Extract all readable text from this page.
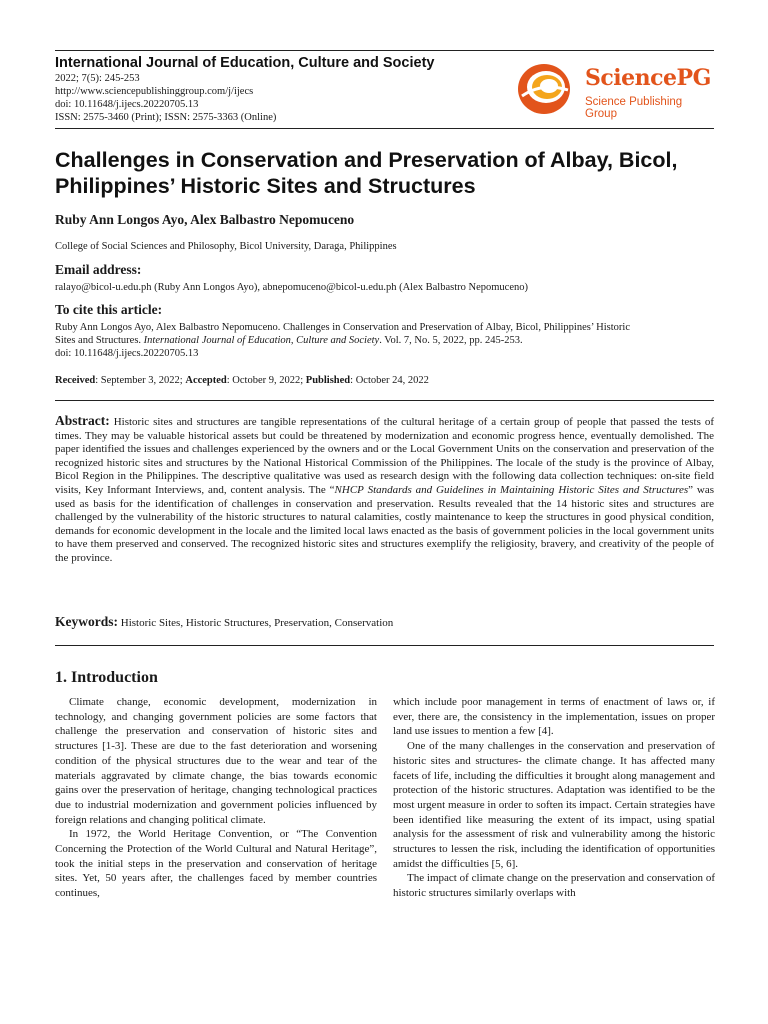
International Journal of Education, Culture and Society
2022; 7(5): 245-253
http://www.sciencepublishinggroup.com/j/ijecs
doi: 10.11648/j.ijecs.20220705.13
ISSN: 2575-3460 (Print); ISSN: 2575-3363 (Online)
SciencePG
Science Publishing Group
Challenges in Conservation and Preservation of Albay, Bicol, Philippines’ Historic Sites and Structures
Ruby Ann Longos Ayo, Alex Balbastro Nepomuceno
College of Social Sciences and Philosophy, Bicol University, Daraga, Philippines
Email address:
ralayo@bicol-u.edu.ph (Ruby Ann Longos Ayo), abnepomuceno@bicol-u.edu.ph (Alex Balbastro Nepomuceno)
To cite this article:
Ruby Ann Longos Ayo, Alex Balbastro Nepomuceno. Challenges in Conservation and Preservation of Albay, Bicol, Philippines’ Historic
Sites and Structures. International Journal of Education, Culture and Society. Vol. 7, No. 5, 2022, pp. 245-253.
doi: 10.11648/j.ijecs.20220705.13
Received: September 3, 2022; Accepted: October 9, 2022; Published: October 24, 2022
Abstract: Historic sites and structures are tangible representations of the cultural heritage of a certain group of people that passed the tests of times. They may be valuable historical assets but could be threatened by modernization and economic progress hence, eventually demolished. The paper identified the issues and challenges experienced by the owners and or the Local Government Units on the conservation and preservation of the recognized historic sites and structures by the National Historical Commission of the Philippines. The locale of the study is the province of Albay, Bicol Region in the Philippines. The descriptive qualitative was used as research design with the following data collection techniques: on-site field visits, Key Informant Interviews, and, content analysis. The “NHCP Standards and Guidelines in Maintaining Historic Sites and Structures” was used as basis for the identification of challenges in conservation and preservation. Results revealed that the 14 historic sites and structures are challenged by the vulnerability of the historic structures to natural calamities, costly maintenance to keep the structures in good physical condition, demands for economic development in the locale and the limited local laws enacted as the basis of government policies in the local government units to have them preserved and conserved. The recognized historic sites and structures exemplify the religiosity, bravery, and creativity of the people of the province.
Keywords: Historic Sites, Historic Structures, Preservation, Conservation
1. Introduction

Climate change, economic development, modernization in technology, and changing government policies are some factors that challenge the preservation and conservation of historic sites and structures [1-3]. These are due to the fast deterioration and worsening condition of the physical structures due to the wear and tear of the materials aggravated by climate change, the bias towards economic gains over the preservation of heritage, changing technological practices due to industrial modernization and government policies influenced by foreign relations and changing political climate.

In 1972, the World Heritage Convention, or “The Convention Concerning the Protection of the World Cultural and Natural Heritage”, took the initial steps in the preservation and conservation of heritage sites. Yet, 50 years after, the challenges faced by member countries continues,

which include poor management in terms of enactment of laws or, if ever, there are, the consistency in the implementation, issues on proper land use issues to mention a few [4].

One of the many challenges in the conservation and preservation of historic sites and structures- the climate change. It has affected many facets of life, including the difficulties it brought along management and protection of the historic structures. Adaptation was identified to be the most urgent measure in order to soften its impact. Certain strategies have been identified like measuring the extent of its impact, using spatial analysis for the assessment of risk and vulnerability among the historic structures to lessen the risk, including the identification of opportunities amidst the difficulties [5, 6].

The impact of climate change on the preservation and conservation of historic structures similarly overlaps with
